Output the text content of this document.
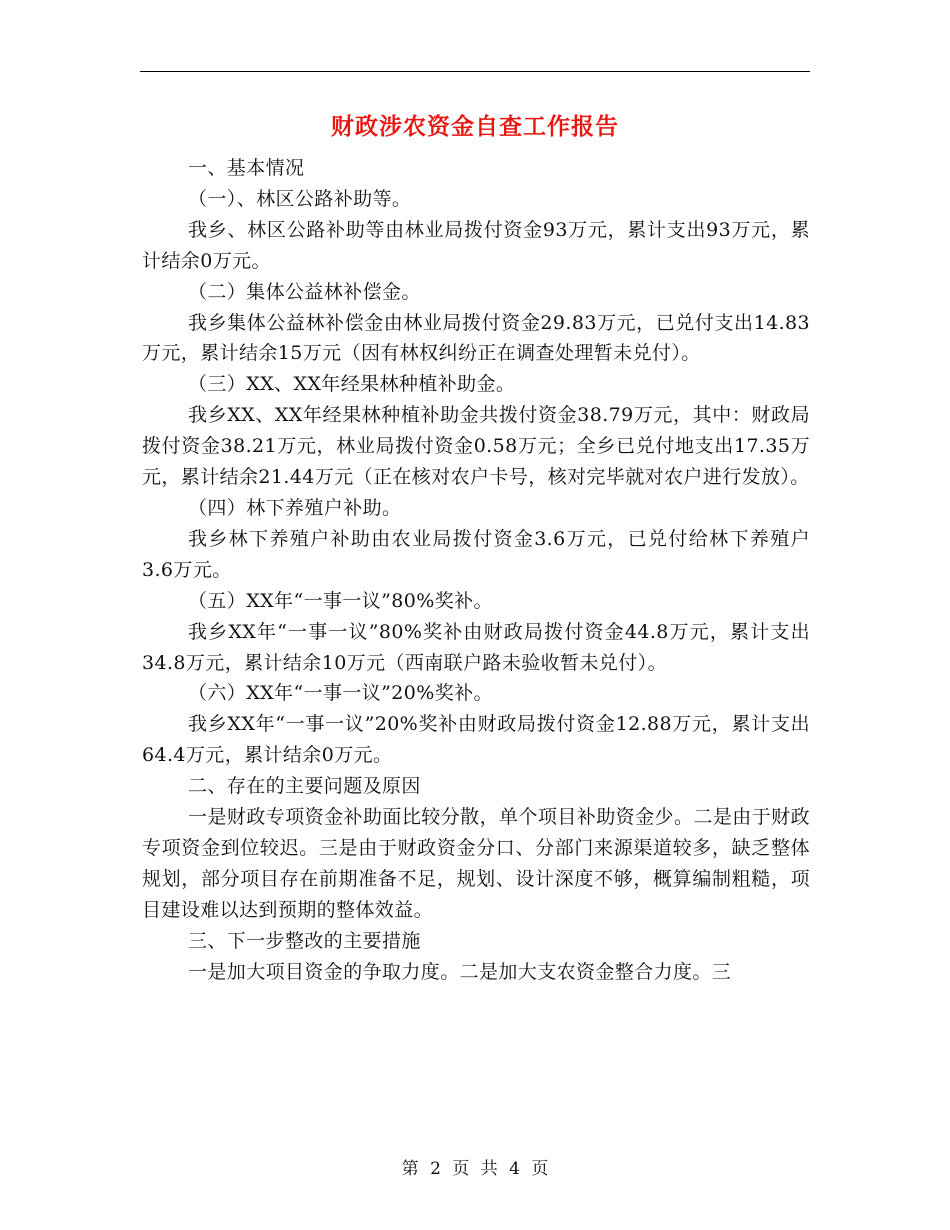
财政涉农资金自查工作报告

一、基本情况

（一）、林区公路补助等。

我乡、林区公路补助等由林业局拨付资金93万元，累计支出93万元，累计结余0万元。

（二）集体公益林补偿金。

我乡集体公益林补偿金由林业局拨付资金29.83万元，已兑付支出14.83万元，累计结余15万元（因有林权纠纷正在调查处理暂未兑付）。

（三）XX、XX年经果林种植补助金。

我乡XX、XX年经果林种植补助金共拨付资金38.79万元，其中：财政局拨付资金38.21万元，林业局拨付资金0.58万元；全乡已兑付地支出17.35万元，累计结余21.44万元（正在核对农户卡号，核对完毕就对农户进行发放）。

（四）林下养殖户补助。

我乡林下养殖户补助由农业局拨付资金3.6万元，已兑付给林下养殖户3.6万元。

（五）XX年“一事一议”80%奖补。

我乡XX年“一事一议”80%奖补由财政局拨付资金44.8万元，累计支出34.8万元，累计结余10万元（西南联户路未验收暂未兑付）。

（六）XX年“一事一议”20%奖补。

我乡XX年“一事一议”20%奖补由财政局拨付资金12.88万元，累计支出64.4万元，累计结余0万元。

二、存在的主要问题及原因

一是财政专项资金补助面比较分散，单个项目补助资金少。二是由于财政专项资金到位较迟。三是由于财政资金分口、分部门来源渠道较多，缺乏整体规划，部分项目存在前期准备不足，规划、设计深度不够，概算编制粗糙，项目建设难以达到预期的整体效益。

三、下一步整改的主要措施

一是加大项目资金的争取力度。二是加大支农资金整合力度。三

第 2 页 共 4 页
